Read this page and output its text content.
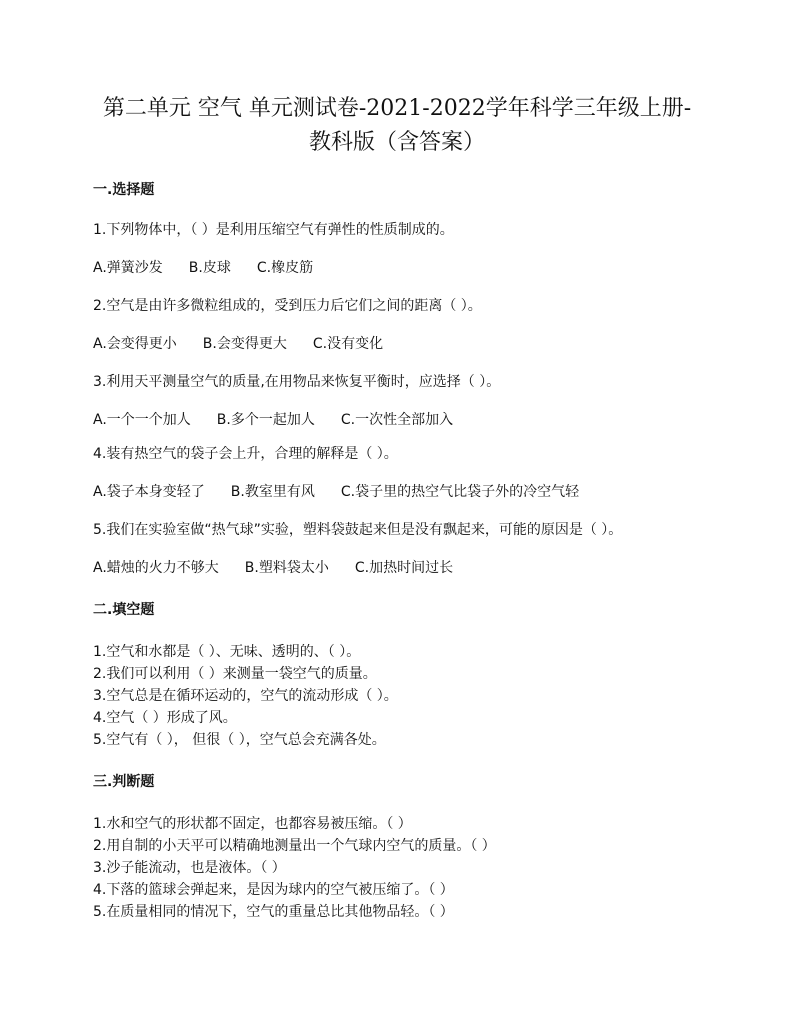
第二单元 空气 单元测试卷-2021-2022学年科学三年级上册-
教科版（含答案）
一.选择题
1.下列物体中，（ ）是利用压缩空气有弹性的性质制成的。
A.弹簧沙发 B.皮球 C.橡皮筋
2.空气是由许多微粒组成的，受到压力后它们之间的距离（ ）。
A.会变得更小 B.会变得更大 C.没有变化
3.利用天平测量空气的质量,在用物品来恢复平衡时，应选择（ ）。
A.一个一个加人 B.多个一起加人 C.一次性全部加入
4.装有热空气的袋子会上升，合理的解释是（ ）。
A.袋子本身变轻了 B.教室里有风 C.袋子里的热空气比袋子外的冷空气轻
5.我们在实验室做“热气球”实验，塑料袋鼓起来但是没有飘起来，可能的原因是（ ）。
A.蜡烛的火力不够大 B.塑料袋太小 C.加热时间过长
二.填空题
1.空气和水都是（ ）、无味、透明的、（ ）。
2.我们可以利用（ ）来测量一袋空气的质量。
3.空气总是在循环运动的，空气的流动形成（ ）。
4.空气（ ）形成了风。
5.空气有（ ）， 但很（ ），空气总会充满各处。
三.判断题
1.水和空气的形状都不固定，也都容易被压缩。（ ）
2.用自制的小天平可以精确地测量出一个气球内空气的质量。（ ）
3.沙子能流动，也是液体。（ ）
4.下落的篮球会弹起来，是因为球内的空气被压缩了。（ ）
5.在质量相同的情况下，空气的重量总比其他物品轻。（ ）
